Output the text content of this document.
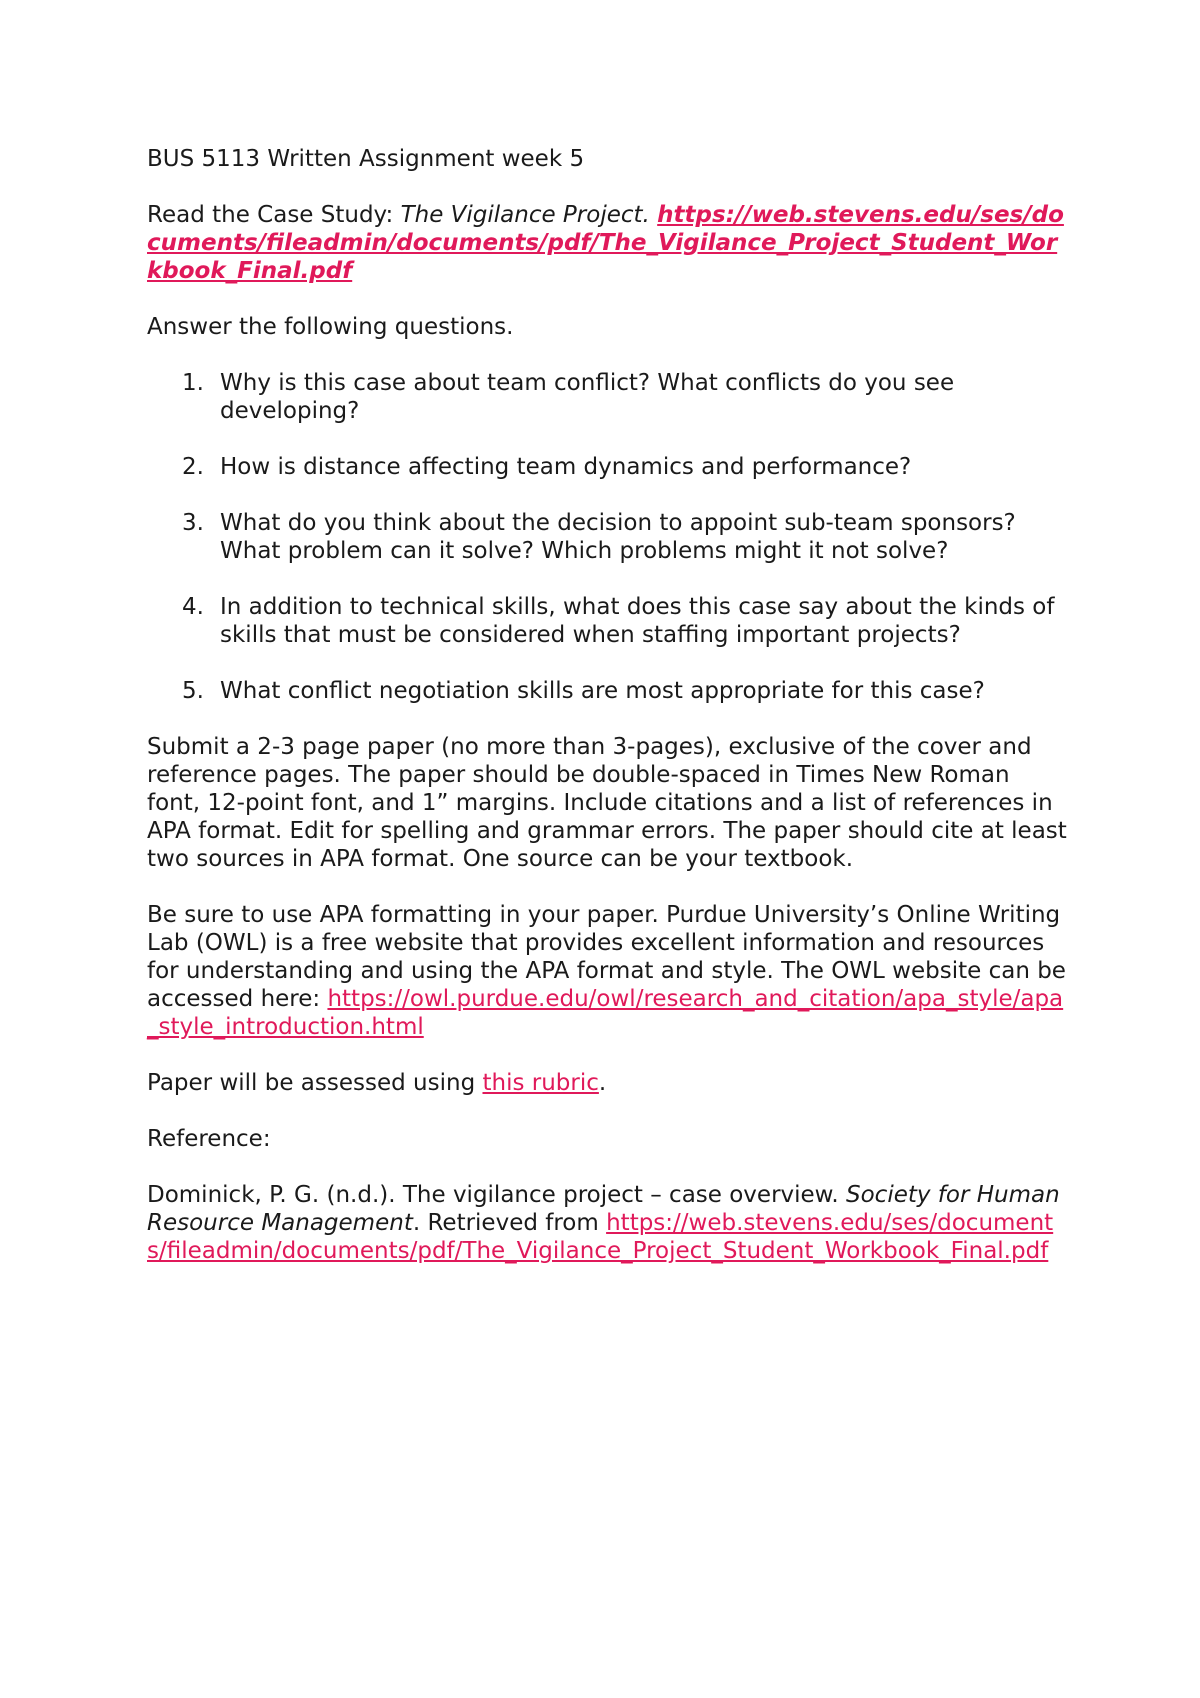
BUS 5113 Written Assignment week 5

Read the Case Study: The Vigilance Project. https://web.stevens.edu/ses/documents/fileadmin/documents/pdf/The_Vigilance_Project_Student_Workbook_Final.pdf

Answer the following questions.

1. Why is this case about team conflict? What conflicts do you see developing?
2. How is distance affecting team dynamics and performance?
3. What do you think about the decision to appoint sub-team sponsors? What problem can it solve? Which problems might it not solve?
4. In addition to technical skills, what does this case say about the kinds of skills that must be considered when staffing important projects?
5. What conflict negotiation skills are most appropriate for this case?

Submit a 2-3 page paper (no more than 3-pages), exclusive of the cover and reference pages. The paper should be double-spaced in Times New Roman font, 12-point font, and 1” margins. Include citations and a list of references in APA format. Edit for spelling and grammar errors. The paper should cite at least two sources in APA format. One source can be your textbook.

Be sure to use APA formatting in your paper. Purdue University’s Online Writing Lab (OWL) is a free website that provides excellent information and resources for understanding and using the APA format and style. The OWL website can be accessed here: https://owl.purdue.edu/owl/research_and_citation/apa_style/apa_style_introduction.html

Paper will be assessed using this rubric.

Reference:

Dominick, P. G. (n.d.). The vigilance project – case overview. Society for Human Resource Management. Retrieved from https://web.stevens.edu/ses/documents/fileadmin/documents/pdf/The_Vigilance_Project_Student_Workbook_Final.pdf
